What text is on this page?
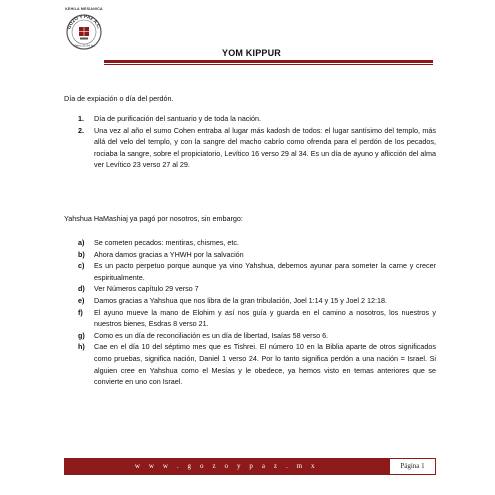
KEHILA MESIANICA
GOZO Y PAZ A.C.
Mateo 25:34 Isa
YOM KIPPUR
Día de expiación o día del perdón.
1. Día de purificación del santuario y de toda la nación.
2. Una vez al año el sumo Cohen entraba al lugar más kadosh de todos: el lugar santísimo del templo, más allá del velo del templo, y con la sangre del macho cabrío como ofrenda para el perdón de los pecados, rociaba la sangre, sobre el propiciatorio, Levítico 16 verso 29 al 34. Es un día de ayuno y aflicción del alma ver Levítico 23 verso 27 al 29.
Yahshua HaMashiaj ya pagó por nosotros, sin embargo:
a) Se cometen pecados: mentiras, chismes, etc.
b) Ahora damos gracias a YHWH por la salvación
c) Es un pacto perpetuo porque aunque ya vino Yahshua, debemos ayunar para someter la carne y crecer espiritualmente.
d) Ver Números capítulo 29 verso 7
e) Damos gracias a Yahshua que nos libra de la gran tribulación, Joel 1:14 y 15 y Joel 2 12:18.
f) El ayuno mueve la mano de Elohim y así nos guía y guarda en el camino a nosotros, los nuestros y nuestros bienes, Esdras 8 verso 21.
g) Como es un día de reconciliación es un día de libertad, Isaías 58 verso 6.
h) Cae en el día 10 del séptimo mes que es Tishrei. El número 10 en la Biblia aparte de otros significados como pruebas, significa nación, Daniel 1 verso 24. Por lo tanto significa perdón a una nación = Israel. Si alguien cree en Yahshua como el Mesías y le obedece, ya hemos visto en temas anteriores que se convierte en uno con Israel.
w w w . g o z o y p a z . m x	Página 1
